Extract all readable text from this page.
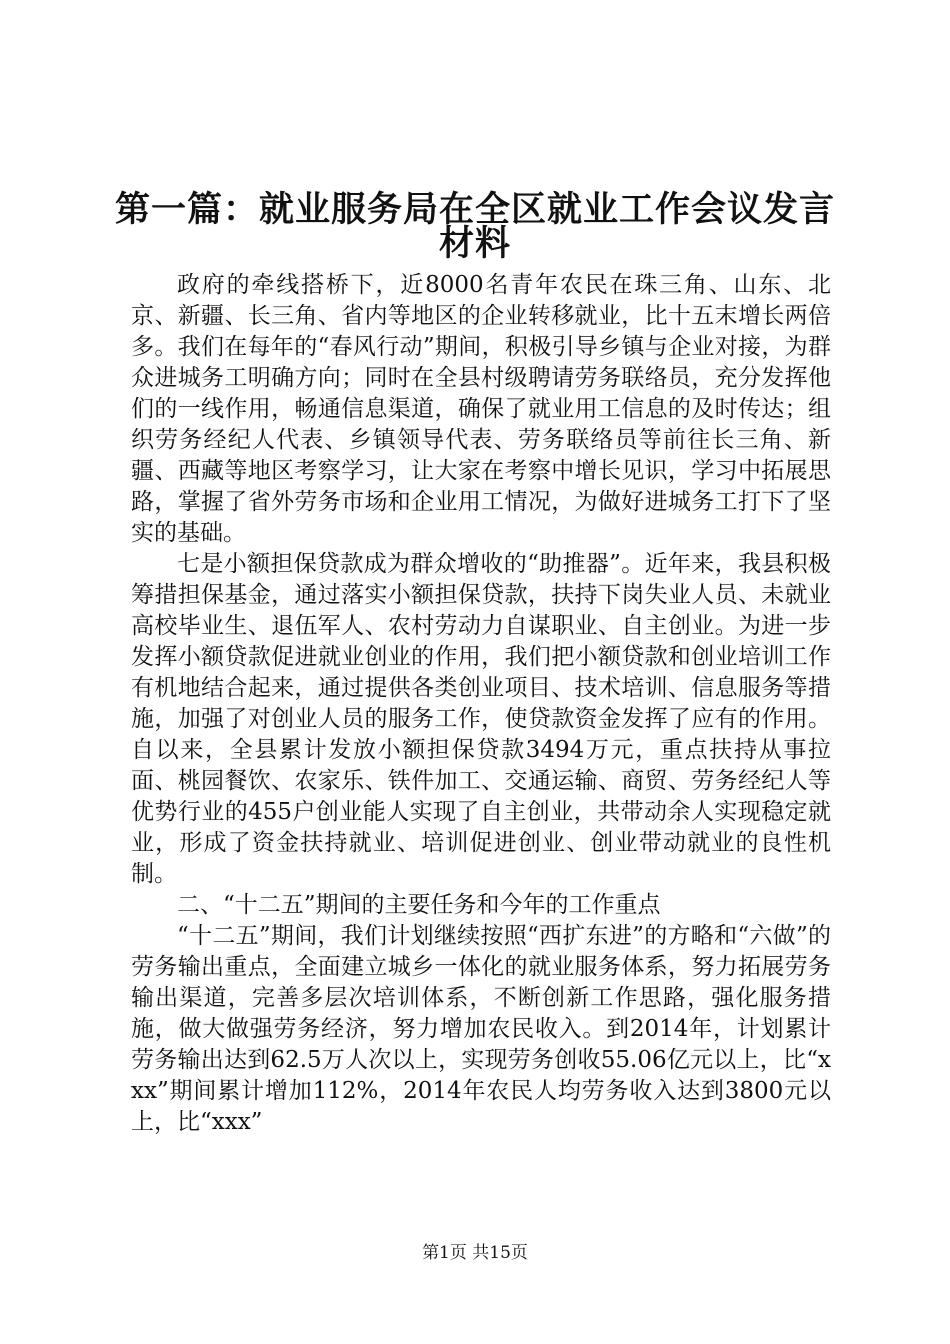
第一篇：就业服务局在全区就业工作会议发言
材料

政府的牵线搭桥下，近8000名青年农民在珠三角、山东、北京、新疆、长三角、省内等地区的企业转移就业，比十五末增长两倍多。我们在每年的“春风行动”期间，积极引导乡镇与企业对接，为群众进城务工明确方向；同时在全县村级聘请劳务联络员，充分发挥他们的一线作用，畅通信息渠道，确保了就业用工信息的及时传达；组织劳务经纪人代表、乡镇领导代表、劳务联络员等前往长三角、新疆、西藏等地区考察学习，让大家在考察中增长见识，学习中拓展思路，掌握了省外劳务市场和企业用工情况，为做好进城务工打下了坚实的基础。

七是小额担保贷款成为群众增收的“助推器”。近年来，我县积极筹措担保基金，通过落实小额担保贷款，扶持下岗失业人员、未就业高校毕业生、退伍军人、农村劳动力自谋职业、自主创业。为进一步发挥小额贷款促进就业创业的作用，我们把小额贷款和创业培训工作有机地结合起来，通过提供各类创业项目、技术培训、信息服务等措施，加强了对创业人员的服务工作，使贷款资金发挥了应有的作用。自以来，全县累计发放小额担保贷款3494万元，重点扶持从事拉面、桃园餐饮、农家乐、铁件加工、交通运输、商贸、劳务经纪人等优势行业的455户创业能人实现了自主创业，共带动余人实现稳定就业，形成了资金扶持就业、培训促进创业、创业带动就业的良性机制。

二、“十二五”期间的主要任务和今年的工作重点

“十二五”期间，我们计划继续按照“西扩东进”的方略和“六做”的劳务输出重点，全面建立城乡一体化的就业服务体系，努力拓展劳务输出渠道，完善多层次培训体系，不断创新工作思路，强化服务措施，做大做强劳务经济，努力增加农民收入。到2014年，计划累计劳务输出达到62.5万人次以上，实现劳务创收55.06亿元以上，比“xxx”期间累计增加112%，2014年农民人均劳务收入达到3800元以上，比“xxx”

第1页 共15页
